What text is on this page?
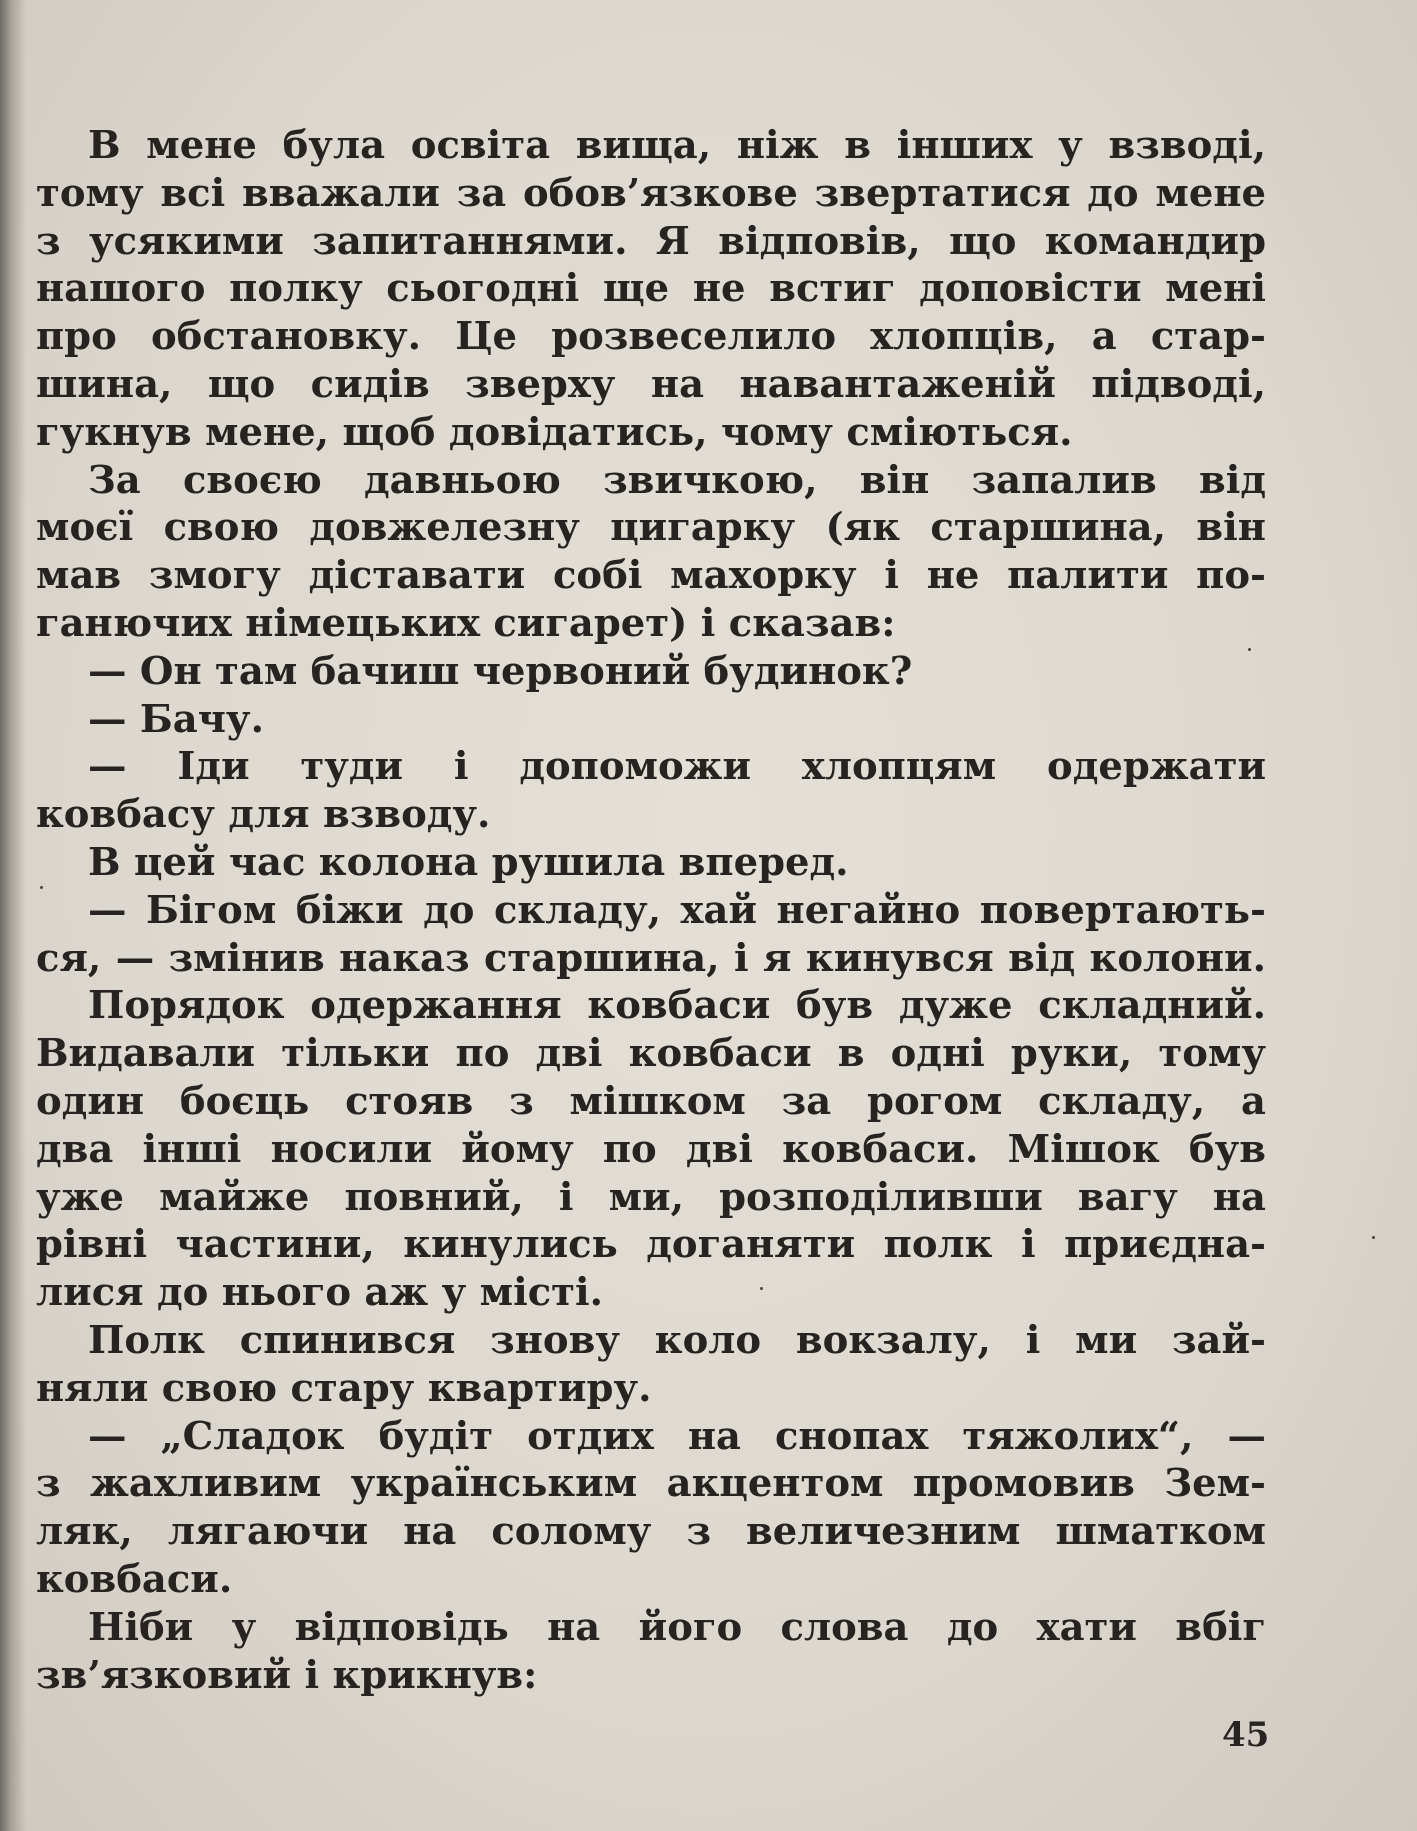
В мене була освіта вища, ніж в інших у взводі,
тому всі вважали за обов’язкове звертатися до мене
з усякими запитаннями. Я відповів, що командир
нашого полку сьогодні ще не встиг доповісти мені
про обстановку. Це розвеселило хлопців, а стар-
шина, що сидів зверху на навантаженій підводі,
гукнув мене, щоб довідатись, чому сміються.

За своєю давньою звичкою, він запалив від
моєї свою довжелезну цигарку (як старшина, він
мав змогу діставати собі махорку і не палити по-
ганючих німецьких сигарет) і сказав:

— Он там бачиш червоний будинок?

— Бачу.

— Іди туди і допоможи хлопцям одержати
ковбасу для взводу.

В цей час колона рушила вперед.

— Бігом біжи до складу, хай негайно повертають-
ся, — змінив наказ старшина, і я кинувся від колони.

Порядок одержання ковбаси був дуже складний.
Видавали тільки по дві ковбаси в одні руки, тому
один боєць стояв з мішком за рогом складу, а
два інші носили йому по дві ковбаси. Мішок був
уже майже повний, і ми, розподіливши вагу на
рівні частини, кинулись доганяти полк і приєдна-
лися до нього аж у місті.

Полк спинився знову коло вокзалу, і ми зай-
няли свою стару квартиру.

— „Сладок будіт отдих на снопах тяжолих“, —
з жахливим українським акцентом промовив Зем-
ляк, лягаючи на солому з величезним шматком
ковбаси.

Ніби у відповідь на його слова до хати вбіг
зв’язковий і крикнув:

45
